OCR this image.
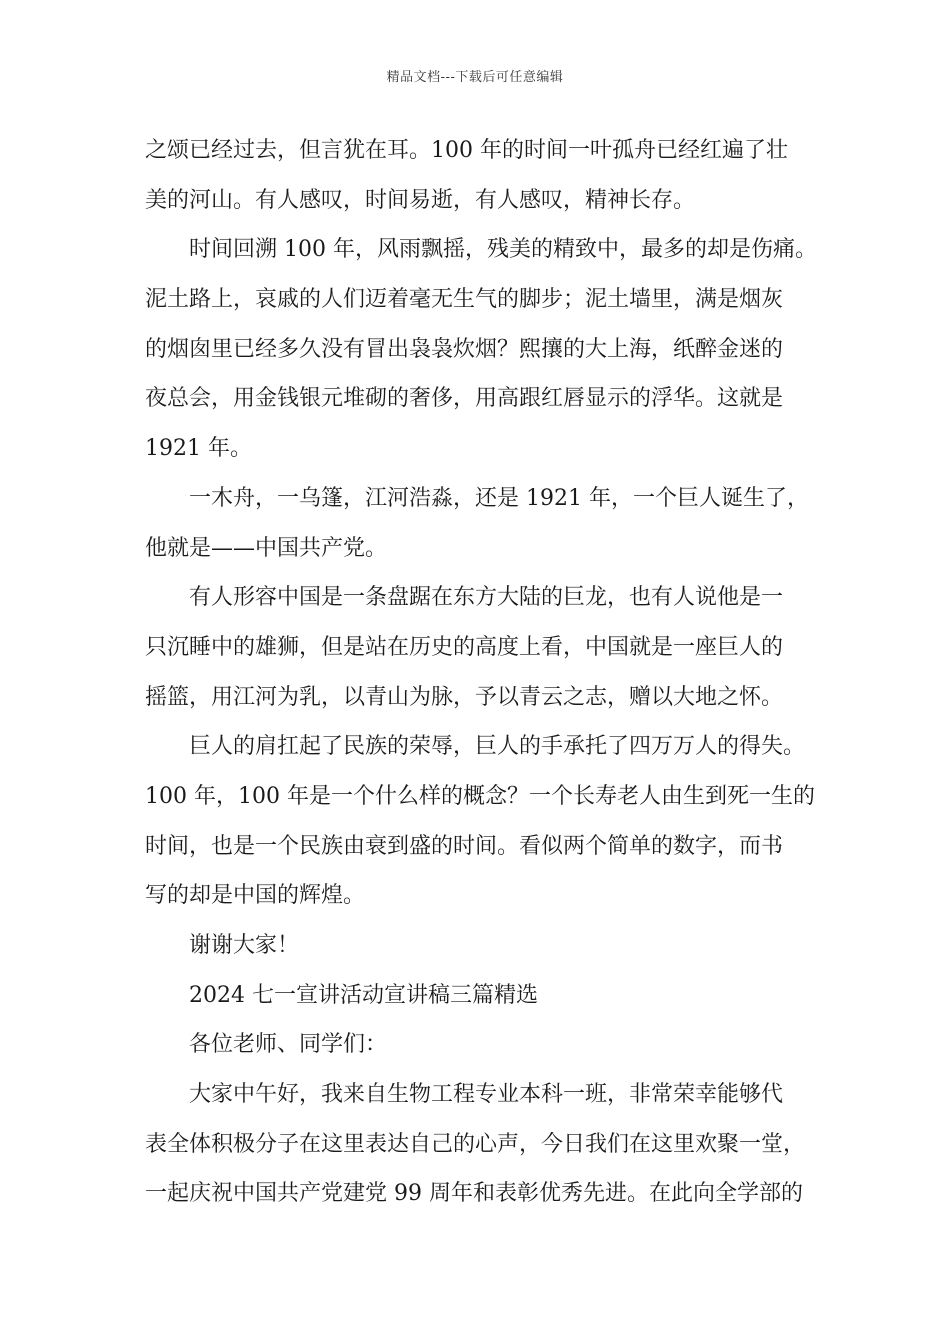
精品文档---下载后可任意编辑
之颂已经过去，但言犹在耳。100 年的时间一叶孤舟已经红遍了壮
美的河山。有人感叹，时间易逝，有人感叹，精神长存。
时间回溯 100 年，风雨飘摇，残美的精致中，最多的却是伤痛。
泥土路上，哀戚的人们迈着毫无生气的脚步；泥土墙里，满是烟灰
的烟囱里已经多久没有冒出袅袅炊烟？熙攘的大上海，纸醉金迷的
夜总会，用金钱银元堆砌的奢侈，用高跟红唇显示的浮华。这就是
1921 年。
一木舟，一乌篷，江河浩淼，还是 1921 年，一个巨人诞生了，
他就是——中国共产党。
有人形容中国是一条盘踞在东方大陆的巨龙，也有人说他是一
只沉睡中的雄狮，但是站在历史的高度上看，中国就是一座巨人的
摇篮，用江河为乳，以青山为脉，予以青云之志，赠以大地之怀。
巨人的肩扛起了民族的荣辱，巨人的手承托了四万万人的得失。
100 年，100 年是一个什么样的概念？一个长寿老人由生到死一生的
时间，也是一个民族由衰到盛的时间。看似两个简单的数字，而书
写的却是中国的辉煌。
谢谢大家！
2024 七一宣讲活动宣讲稿三篇精选
各位老师、同学们：
大家中午好，我来自生物工程专业本科一班，非常荣幸能够代
表全体积极分子在这里表达自己的心声，今日我们在这里欢聚一堂，
一起庆祝中国共产党建党 99 周年和表彰优秀先进。在此向全学部的
